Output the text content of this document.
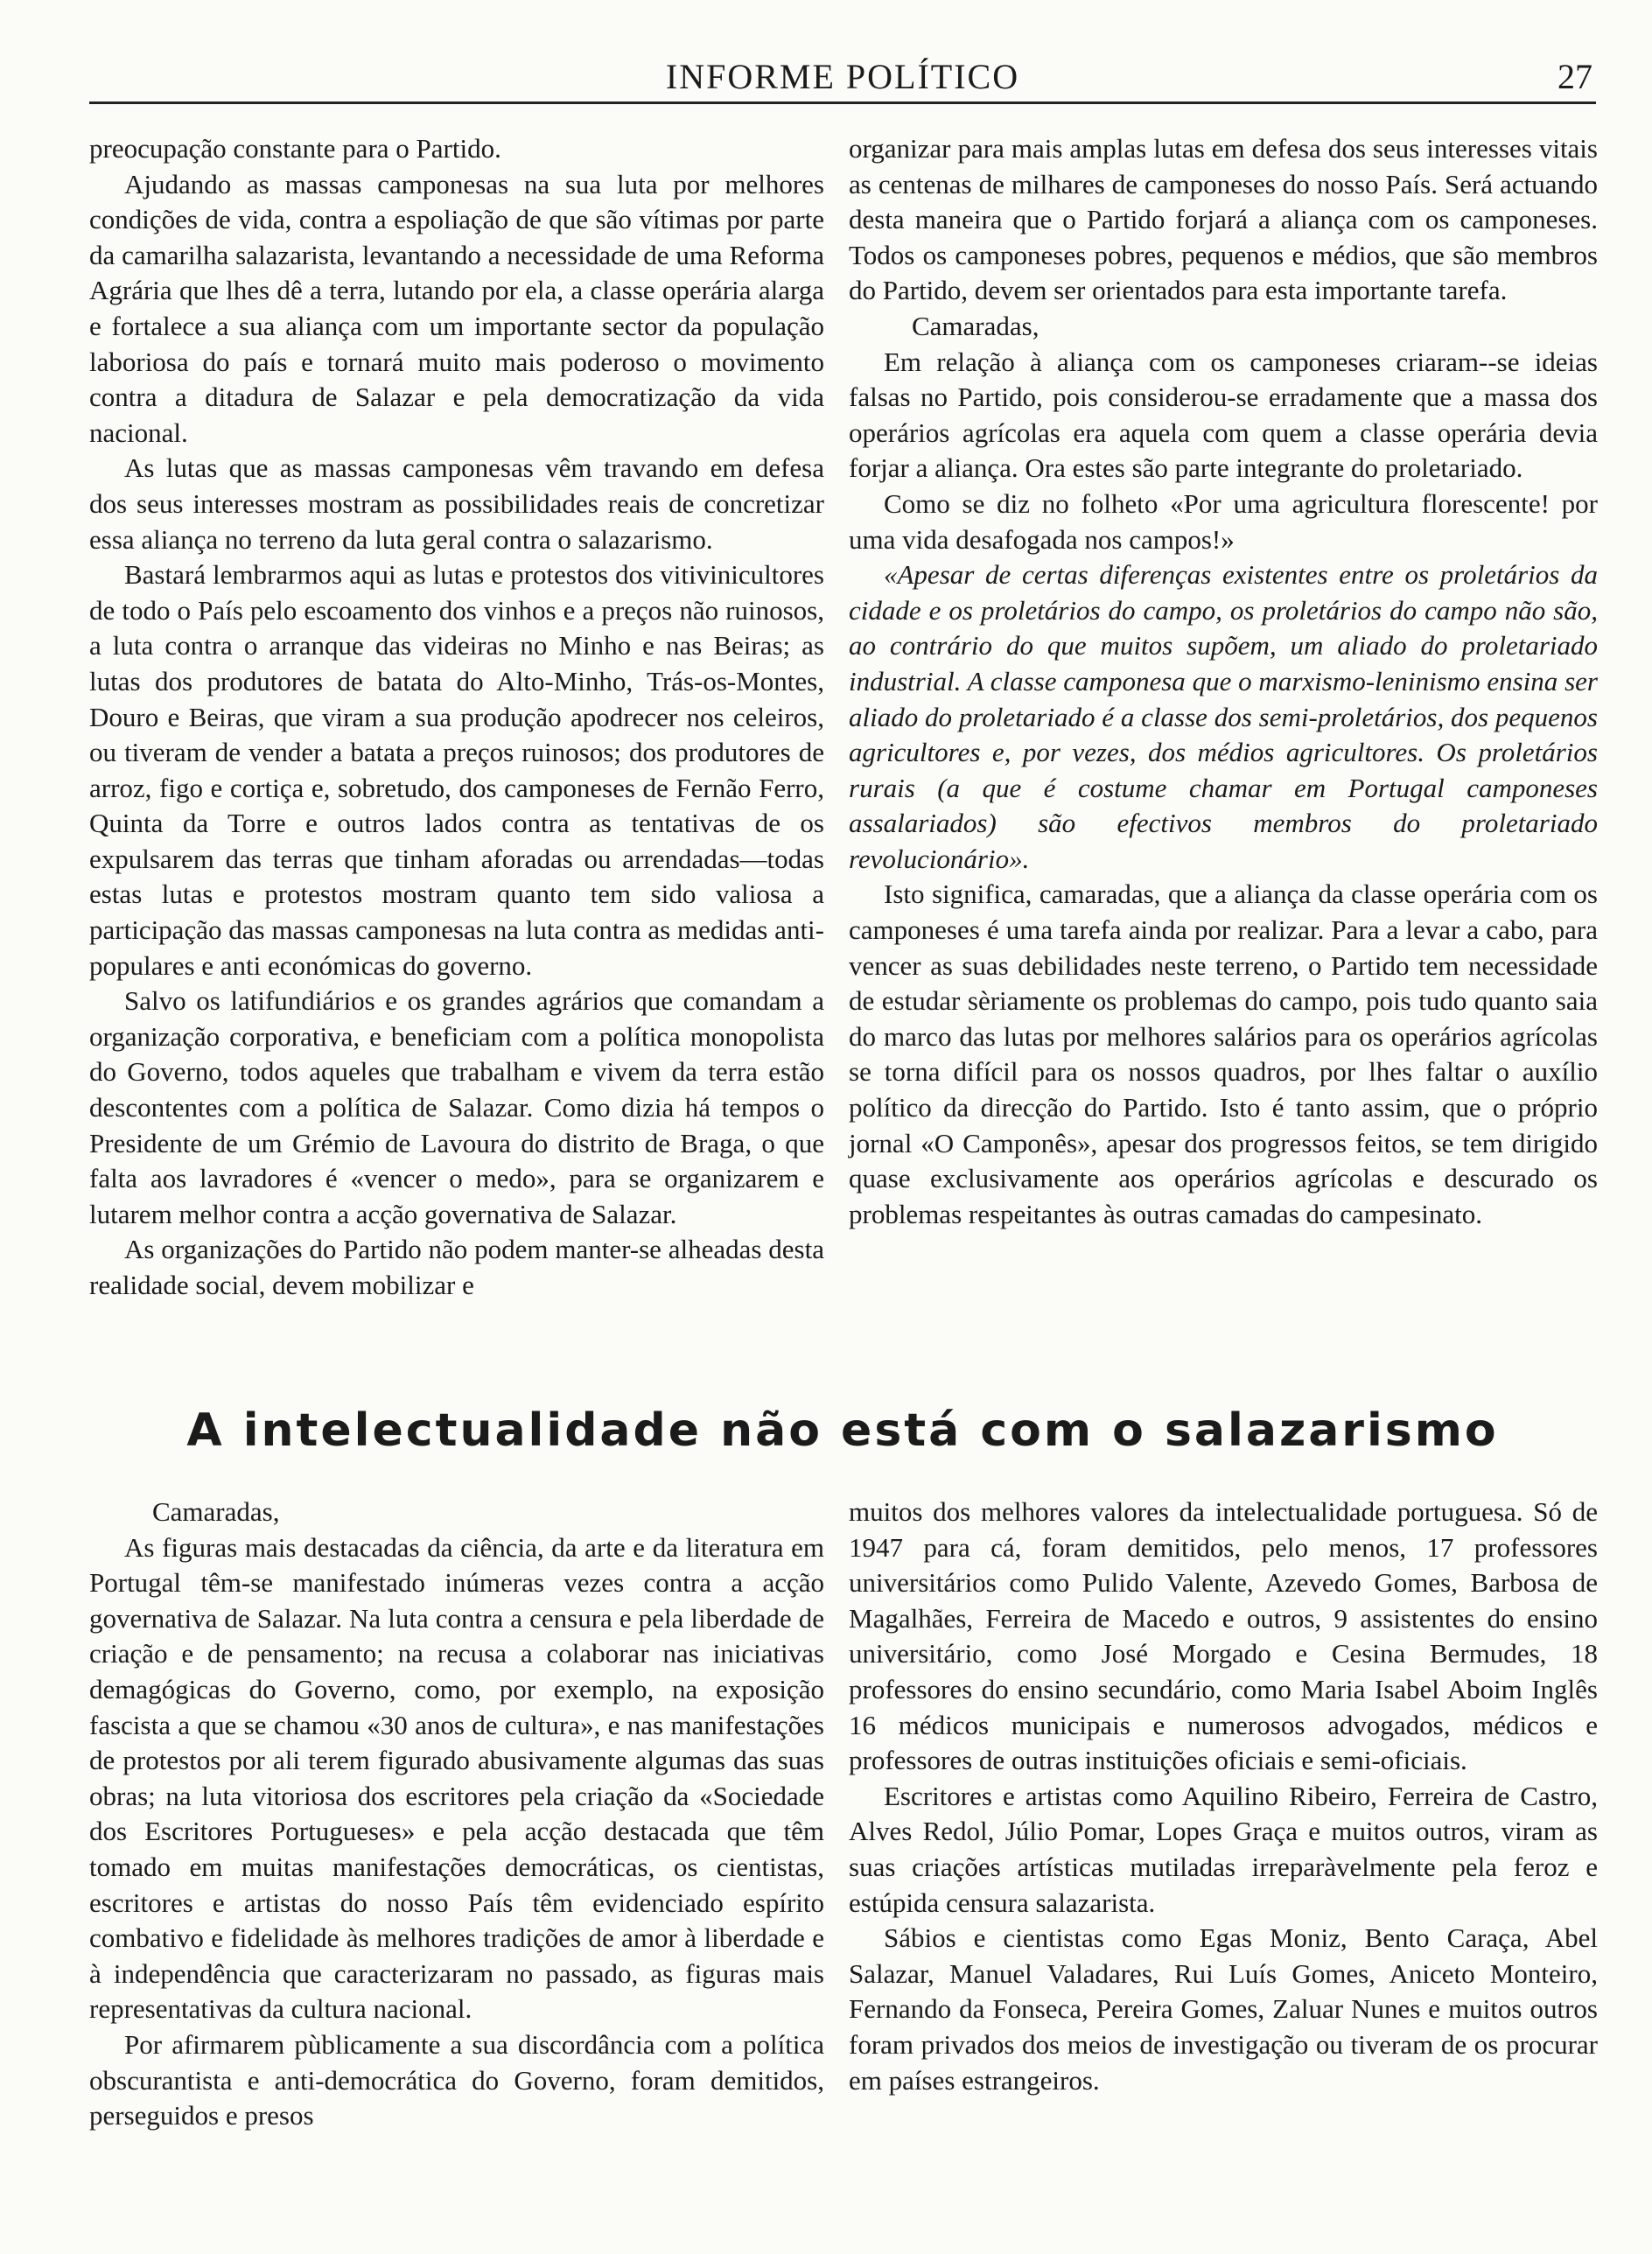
INFORME POLÍTICO	27

preocupação constante para o Partido.

Ajudando as massas camponesas na sua luta por melhores condições de vida, contra a espoliação de que são vítimas por parte da camarilha salazarista, levantando a necessidade de uma Reforma Agrária que lhes dê a terra, lutando por ela, a classe operária alarga e fortalece a sua aliança com um importante sector da população laboriosa do país e tornará muito mais poderoso o movimento contra a ditadura de Salazar e pela democratização da vida nacional.

As lutas que as massas camponesas vêm travando em defesa dos seus interesses mostram as possibilidades reais de concretizar essa aliança no terreno da luta geral contra o salazarismo.

Bastará lembrarmos aqui as lutas e protestos dos vitivinicultores de todo o País pelo escoamento dos vinhos e a preços não ruinosos, a luta contra o arranque das videiras no Minho e nas Beiras; as lutas dos produtores de batata do Alto-Minho, Trás-os-Montes, Douro e Beiras, que viram a sua produção apodrecer nos celeiros, ou tiveram de vender a batata a preços ruinosos; dos produtores de arroz, figo e cortiça e, sobretudo, dos camponeses de Fernão Ferro, Quinta da Torre e outros lados contra as tentativas de os expulsarem das terras que tinham aforadas ou arrendadas—todas estas lutas e protestos mostram quanto tem sido valiosa a participação das massas camponesas na luta contra as medidas anti-populares e anti económicas do governo.

Salvo os latifundiários e os grandes agrários que comandam a organização corporativa, e beneficiam com a política monopolista do Governo, todos aqueles que trabalham e vivem da terra estão descontentes com a política de Salazar. Como dizia há tempos o Presidente de um Grémio de Lavoura do distrito de Braga, o que falta aos lavradores é «vencer o medo», para se organizarem e lutarem melhor contra a acção governativa de Salazar.

As organizações do Partido não podem manter-se alheadas desta realidade social, devem mobilizar e

organizar para mais amplas lutas em defesa dos seus interesses vitais as centenas de milhares de camponeses do nosso País. Será actuando desta maneira que o Partido forjará a aliança com os camponeses. Todos os camponeses pobres, pequenos e médios, que são membros do Partido, devem ser orientados para esta importante tarefa.

Camaradas,

Em relação à aliança com os camponeses criaram--se ideias falsas no Partido, pois considerou-se erradamente que a massa dos operários agrícolas era aquela com quem a classe operária devia forjar a aliança. Ora estes são parte integrante do proletariado.

Como se diz no folheto «Por uma agricultura florescente! por uma vida desafogada nos campos!»

«Apesar de certas diferenças existentes entre os proletários da cidade e os proletários do campo, os proletários do campo não são, ao contrário do que muitos supõem, um aliado do proletariado industrial. A classe camponesa que o marxismo-leninismo ensina ser aliado do proletariado é a classe dos semi-proletários, dos pequenos agricultores e, por vezes, dos médios agricultores. Os proletários rurais (a que é costume chamar em Portugal camponeses assalariados) são efectivos membros do proletariado revolucionário».

Isto significa, camaradas, que a aliança da classe operária com os camponeses é uma tarefa ainda por realizar. Para a levar a cabo, para vencer as suas debilidades neste terreno, o Partido tem necessidade de estudar sèriamente os problemas do campo, pois tudo quanto saia do marco das lutas por melhores salários para os operários agrícolas se torna difícil para os nossos quadros, por lhes faltar o auxílio político da direcção do Partido. Isto é tanto assim, que o próprio jornal «O Camponês», apesar dos progressos feitos, se tem dirigido quase exclusivamente aos operários agrícolas e descurado os problemas respeitantes às outras camadas do campesinato.

A intelectualidade não está com o salazarismo

Camaradas,

As figuras mais destacadas da ciência, da arte e da literatura em Portugal têm-se manifestado inúmeras vezes contra a acção governativa de Salazar. Na luta contra a censura e pela liberdade de criação e de pensamento; na recusa a colaborar nas iniciativas demagógicas do Governo, como, por exemplo, na exposição fascista a que se chamou «30 anos de cultura», e nas manifestações de protestos por ali terem figurado abusivamente algumas das suas obras; na luta vitoriosa dos escritores pela criação da «Sociedade dos Escritores Portugueses» e pela acção destacada que têm tomado em muitas manifestações democráticas, os cientistas, escritores e artistas do nosso País têm evidenciado espírito combativo e fidelidade às melhores tradições de amor à liberdade e à independência que caracterizaram no passado, as figuras mais representativas da cultura nacional.

Por afirmarem pùblicamente a sua discordância com a política obscurantista e anti-democrática do Governo, foram demitidos, perseguidos e presos

muitos dos melhores valores da intelectualidade portuguesa. Só de 1947 para cá, foram demitidos, pelo menos, 17 professores universitários como Pulido Valente, Azevedo Gomes, Barbosa de Magalhães, Ferreira de Macedo e outros, 9 assistentes do ensino universitário, como José Morgado e Cesina Bermudes, 18 professores do ensino secundário, como Maria Isabel Aboim Inglês 16 médicos municipais e numerosos advogados, médicos e professores de outras instituições oficiais e semi-oficiais.

Escritores e artistas como Aquilino Ribeiro, Ferreira de Castro, Alves Redol, Júlio Pomar, Lopes Graça e muitos outros, viram as suas criações artísticas mutiladas irreparàvelmente pela feroz e estúpida censura salazarista.

Sábios e cientistas como Egas Moniz, Bento Caraça, Abel Salazar, Manuel Valadares, Rui Luís Gomes, Aniceto Monteiro, Fernando da Fonseca, Pereira Gomes, Zaluar Nunes e muitos outros foram privados dos meios de investigação ou tiveram de os procurar em países estrangeiros.
